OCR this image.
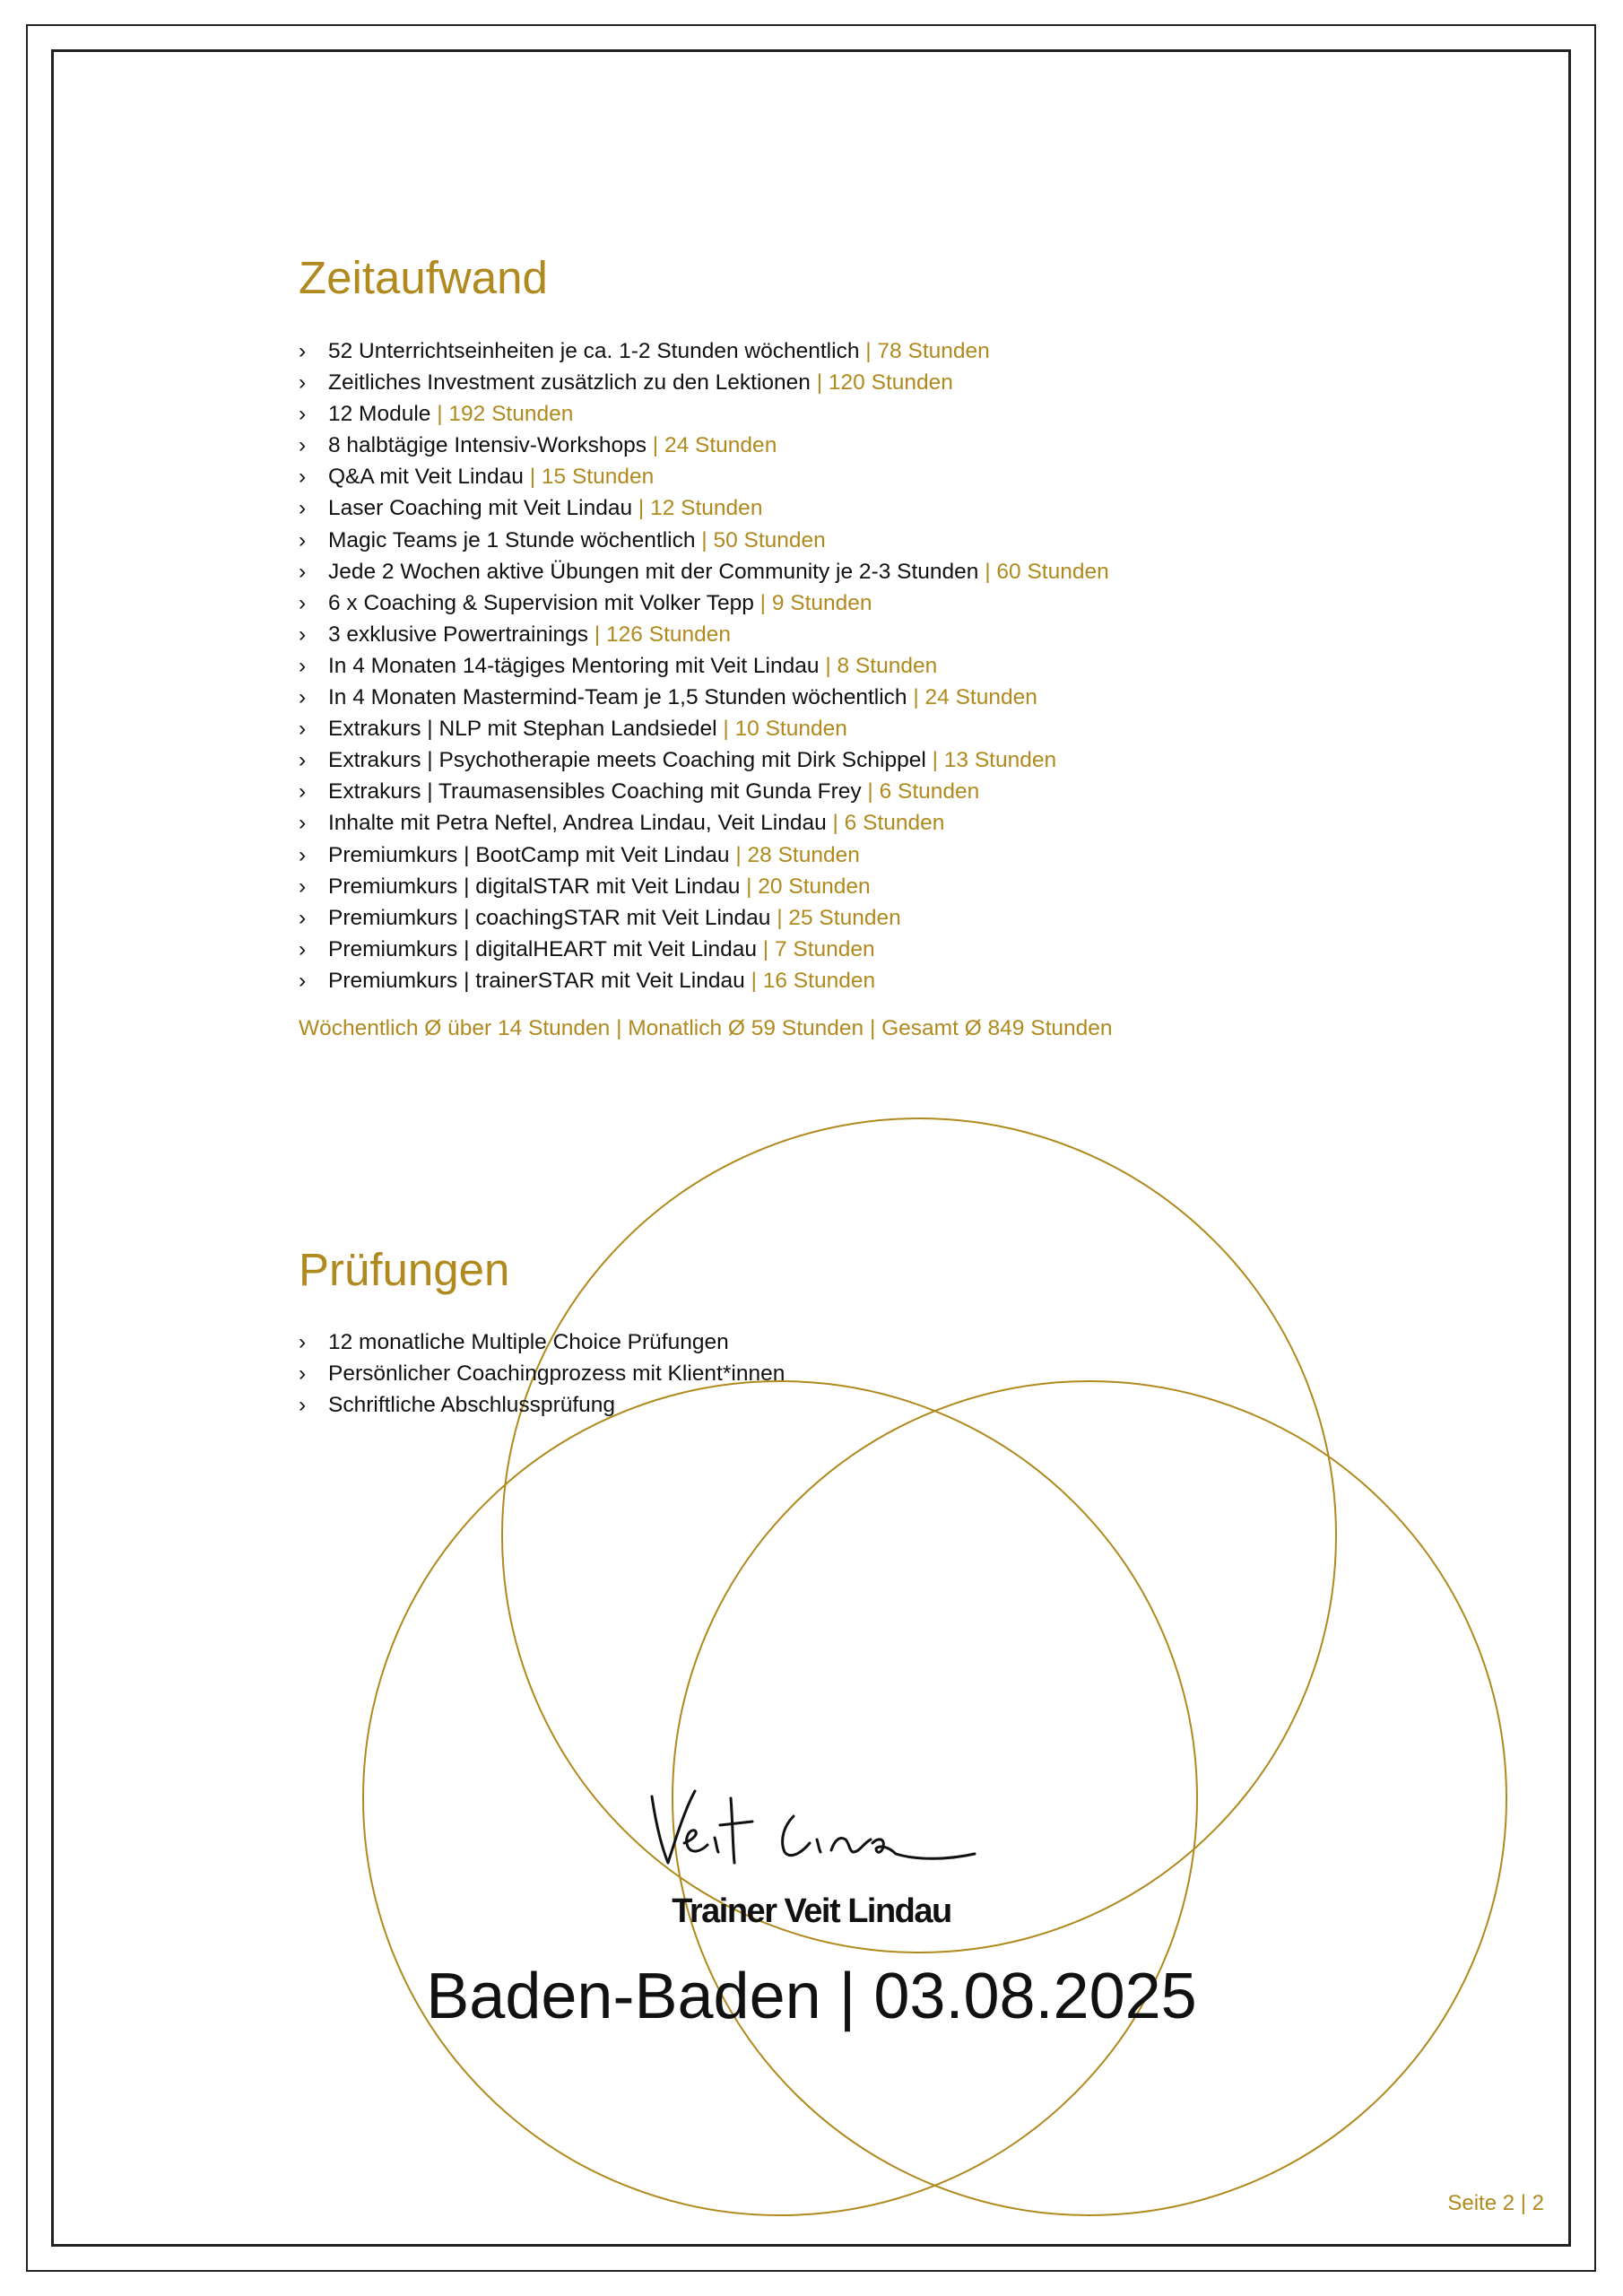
Zeitaufwand
› 52 Unterrichtseinheiten je ca. 1-2 Stunden wöchentlich | 78 Stunden
› Zeitliches Investment zusätzlich zu den Lektionen | 120 Stunden
› 12 Module | 192 Stunden
› 8 halbtägige Intensiv-Workshops | 24 Stunden
› Q&A mit Veit Lindau | 15 Stunden
› Laser Coaching mit Veit Lindau | 12 Stunden
› Magic Teams je 1 Stunde wöchentlich | 50 Stunden
› Jede 2 Wochen aktive Übungen mit der Community je 2-3 Stunden | 60 Stunden
› 6 x Coaching & Supervision mit Volker Tepp | 9 Stunden
› 3 exklusive Powertrainings | 126 Stunden
› In 4 Monaten 14-tägiges Mentoring mit Veit Lindau | 8 Stunden
› In 4 Monaten Mastermind-Team je 1,5 Stunden wöchentlich | 24 Stunden
› Extrakurs | NLP mit Stephan Landsiedel | 10 Stunden
› Extrakurs | Psychotherapie meets Coaching mit Dirk Schippel | 13 Stunden
› Extrakurs | Traumasensibles Coaching mit Gunda Frey | 6 Stunden
› Inhalte mit Petra Neftel, Andrea Lindau, Veit Lindau | 6 Stunden
› Premiumkurs | BootCamp mit Veit Lindau | 28 Stunden
› Premiumkurs | digitalSTAR mit Veit Lindau | 20 Stunden
› Premiumkurs | coachingSTAR mit Veit Lindau | 25 Stunden
› Premiumkurs | digitalHEART mit Veit Lindau | 7 Stunden
› Premiumkurs | trainerSTAR mit Veit Lindau | 16 Stunden
Wöchentlich Ø über 14 Stunden | Monatlich Ø 59 Stunden | Gesamt Ø 849 Stunden
Prüfungen
› 12 monatliche Multiple Choice Prüfungen
› Persönlicher Coachingprozess mit Klient*innen
› Schriftliche Abschlussprüfung
Trainer Veit Lindau
Baden-Baden | 03.08.2025
Seite 2 | 2
